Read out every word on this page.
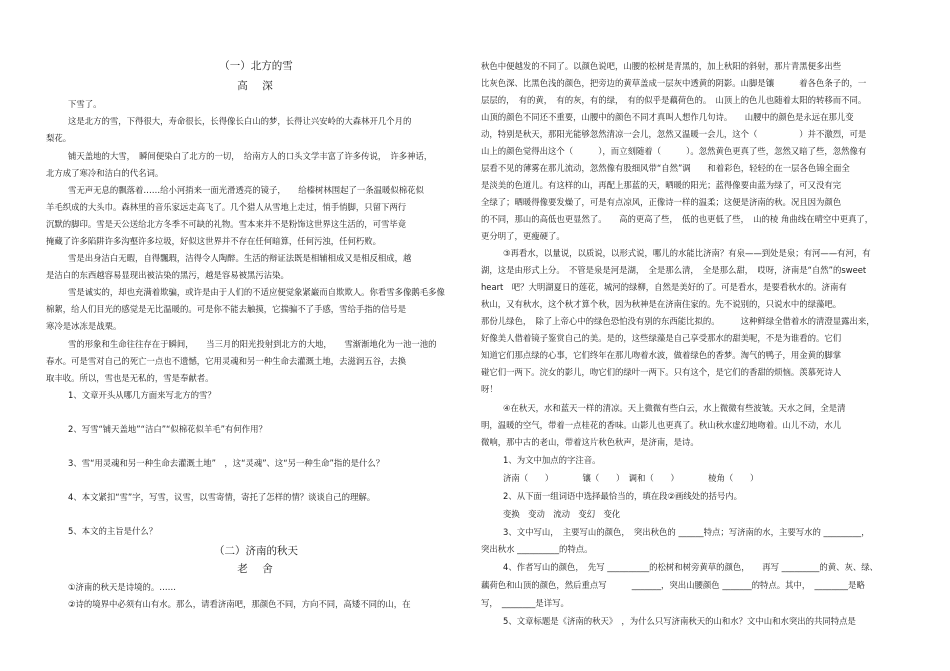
（一）北方的雪
高　深
下雪了。
这是北方的雪，下得很大，寿命很长，长得像长白山的梦，长得让兴安岭的大森林开几个月的
梨花。
铺天盖地的大雪，　瞬间便染白了北方的一切，　给南方人的口头文学丰富了许多传说，　许多神话，
北方成了寒冷和洁白的代名词。
雪无声无息的飘落着……给小河捎来一面光滑透亮的镜子，　　给榛树林围起了一条温暖似棉花似
羊毛织成的大头巾。森林里的音乐家远走高飞了。几个猎人从雪地上走过，悄手悄脚，只留下两行
沉默的脚印。雪是天公送给北方冬季不可缺的礼物。雪本来并不是粉饰这世界这生活的，可雪毕竟
掩藏了许多陷阱许多沟壑许多垃圾，好似这世界并不存在任何暗算，任何污浊，任何朽败。
雪是出身洁白无暇，自得飄瑕，洁得令人陶醉。生活的辩证法既是相辅相成又是相反相成，越
是洁白的东西越容易显现出被沾染的黑污，越是容易被黑污沾染。
雪是诚实的，却也充满着欺骗，或许是由于人们的不适应便觉象紧巌而自欺欺人。你看雪多像鹅毛多像
棉絮，给人们目光的感觉是无比温暖的。可是你不能去触摸，它揣骗不了手感，雪给手指的信号是
寒冷是冰冻是战栗。
雪的形象和生命往往存在于瞬间，　　当三月的阳光投射到北方的大地，　　雪渐渐地化为一池一池的
春水。可是雪对自己的死亡一点也不遗憾，它用灵魂和另一种生命去灌溉土地，去滋润五谷，去换
取丰收。所以，雪也是无私的，雪是奉献者。
1、文章开头从哪几方面来写北方的雪？
2、写雪“铺天盖地”“洁白”“似棉花似羊毛”有何作用？
3、雪“用灵魂和另一种生命去灌溉土地”　，这“灵魂”、这“另一种生命”指的是什么？
4、本文紧扣“雪”字，写雪，议雪，以雪寄情，寄托了怎样的情？谈谈自己的理解。
5、本文的主旨是什么？
（二）济南的秋天
老　舍
①济南的秋天是诗境的。……
②诗的境界中必须有山有水。那么，请看济南吧，那颜色不同，方向不同，高矮不同的山，在
秋色中便越发的不同了。以颜色说吧，山腰的松树是青黑的，加上秋阳的斜射，那片青黑便多出些
比灰色深、比黑色浅的颜色，把旁边的黄草盖成一层灰中透黄的阴影。山脚是镶　　　着各色条子的，一
层层的，　有的黄，　有的灰，有的绿，　有的似乎是藕荷色的。　山顶上的色儿也随着太阳的转移而不同。
山顶的颜色不同还不重要，山腰中的颜色不同才真叫人想作几句诗。　　山腰中的颜色是永远在那儿变
动，特别是秋天，那阳光能够忽然清凉一会儿，忽然又温暖一会儿，这个（　　　　　）并不激烈，可是
山上的颜色觉得出这个（　　　），而立刻随着（　　　）。忽然黄色更真了些，忽然又暗了些，忽然像有
层看不见的薄雾在那儿流动，忽然像有股细风带“自然”调　　和着彩色，轻轻的在一层各色锦全面全
是淡美的色道儿。有这样的山，再配上那蓝的天，晒暖的阳光；蓝得像要由蓝为绿了，可又没有完
全绿了；晒暖得像要发燥了，可是有点凉风，正像诗一样的温柔；这便是济南的秋。况且因为颜色
的不同，那山的高低也更显然了。　　高的更高了些，　低的也更低了些，　山的棱 角曲线在晴空中更真了，
更分明了，更瘦硬了。
③再看水，以量说，以质说，以形式说，哪儿的水能比济南？有泉——到处是泉；有河——有河，有
湖，这是由形式上分。　不管是泉是河是湖，　全是那么清，　全是那么甜，　哎呀，济南是“自然”的sweet
heart　吧？大明湖夏日的莲花，城河的绿柳，自然是美好的了。可是看水，是要看秋水的。济南有
秋山，又有秋水，这个秋才算个秋，因为秋神是在济南住家的。先不说别的，只说水中的绿藻吧。
那份儿绿色，　除了上帝心中的绿色恐怕没有别的东西能比拟的。　　　这种鲜绿全借着水的清澄显露出来，
好像美人借着镜子鉴赏自己的美。是的，这些绿藻是自己享受那水的甜美呢，不是为谁看的。它们
知道它们那点绿的心事，它们终年在那儿吻着水波，做着绿色的香梦。淘气的鸭子，用金黄的脚掌
碰它们一两下。浣女的影儿，吻它们的绿叶一两下。只有这个，是它们的香甜的烦恼。羡慕死诗人
呀！
④在秋天，水和蓝天一样的清凉。天上微微有些白云，水上微微有些波皱。天水之间，全是清
明，温暖的空气，带着一点桂花的香味。山影儿也更真了。秋山秋水虚幻地吻着。山儿不动，水儿
微响，那中古的老山，带着这片秋色秋声，是济南，是诗。
1、为文中加点的字注音。
济南（　　）　　　　镶（　　）　调和（　　）　　　　棱角（　　）
2、从下面一组词语中选择最恰当的，填在段②画线处的括号内。
变换　变动　流动　变幻　变化
3、文中写山，　主要写山的颜色，　突出秋色的 ______特点；写济南的水，主要写水的 _________，
突出秋水 __________的特点。
4、作者写山的颜色，　先写 __________的松树和树旁黄草的颜色，　　再写 _________的黄、灰、绿、
藕荷色和山顶的颜色，然后重点写　　　_______，突出山腰颜色 _______的特点。其中，　________是略
写，　________是详写。
5、文章标题是《济南的秋天》　，为什么只写济南秋天的山和水？文中山和水突出的共同特点是
